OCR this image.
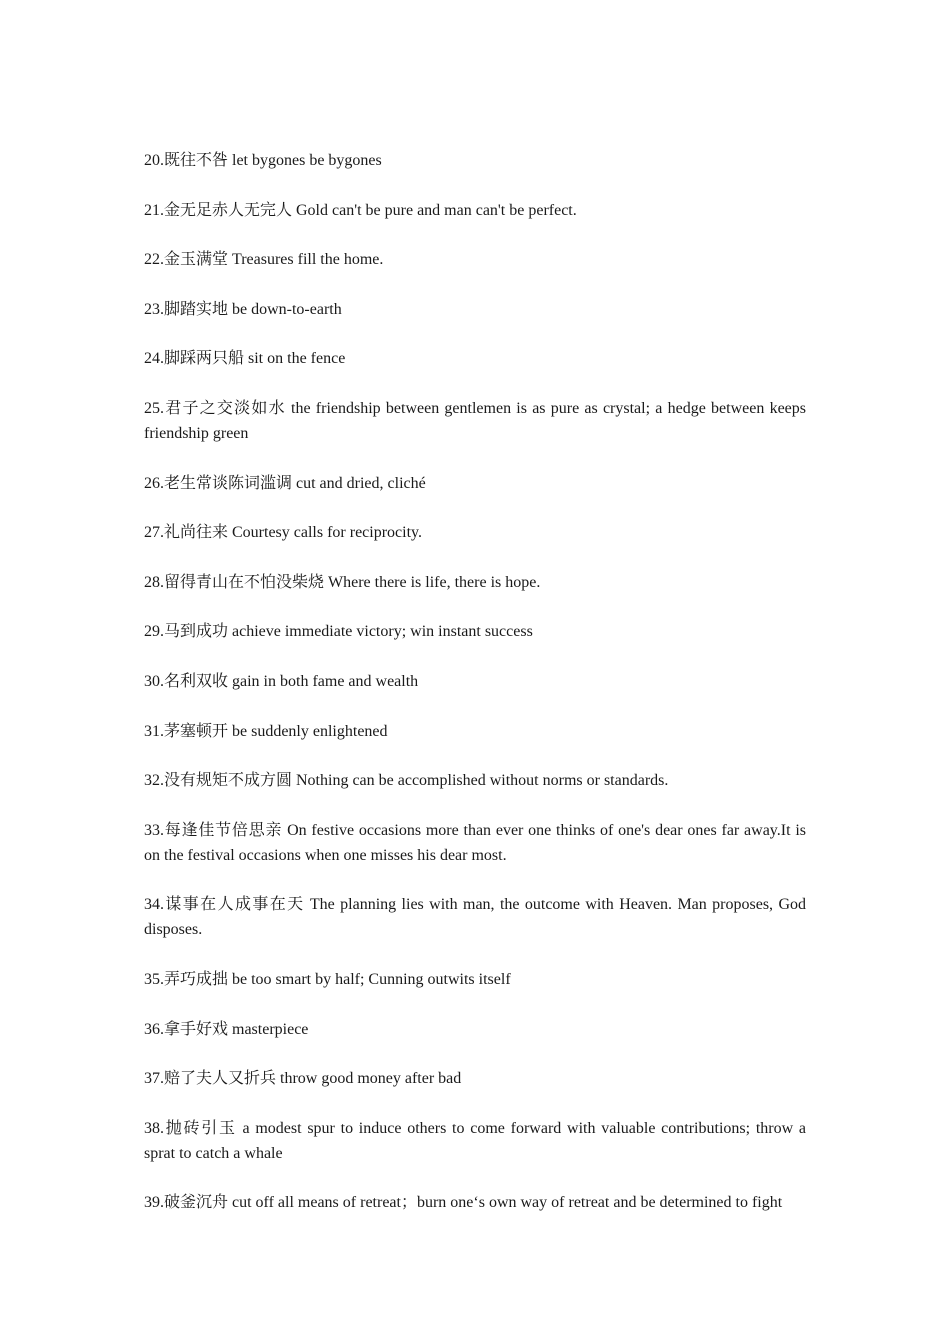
20.既往不咎 let bygones be bygones

21.金无足赤人无完人 Gold can't be pure and man can't be perfect.

22.金玉满堂 Treasures fill the home.

23.脚踏实地 be down-to-earth

24.脚踩两只船 sit on the fence

25.君子之交淡如水 the friendship between gentlemen is as pure as crystal; a hedge between keeps friendship green

26.老生常谈陈词滥调 cut and dried, cliché

27.礼尚往来 Courtesy calls for reciprocity.

28.留得青山在不怕没柴烧 Where there is life, there is hope.

29.马到成功 achieve immediate victory; win instant success

30.名利双收 gain in both fame and wealth

31.茅塞顿开 be suddenly enlightened

32.没有规矩不成方圆 Nothing can be accomplished without norms or standards.

33.每逢佳节倍思亲 On festive occasions more than ever one thinks of one's dear ones far away.It is on the festival occasions when one misses his dear most.

34.谋事在人成事在天 The planning lies with man, the outcome with Heaven. Man proposes, God disposes.

35.弄巧成拙 be too smart by half; Cunning outwits itself

36.拿手好戏 masterpiece

37.赔了夫人又折兵 throw good money after bad

38.抛砖引玉 a modest spur to induce others to come forward with valuable contributions; throw a sprat to catch a whale

39.破釜沉舟 cut off all means of retreat；burn one‘s own way of retreat and be determined to fight
